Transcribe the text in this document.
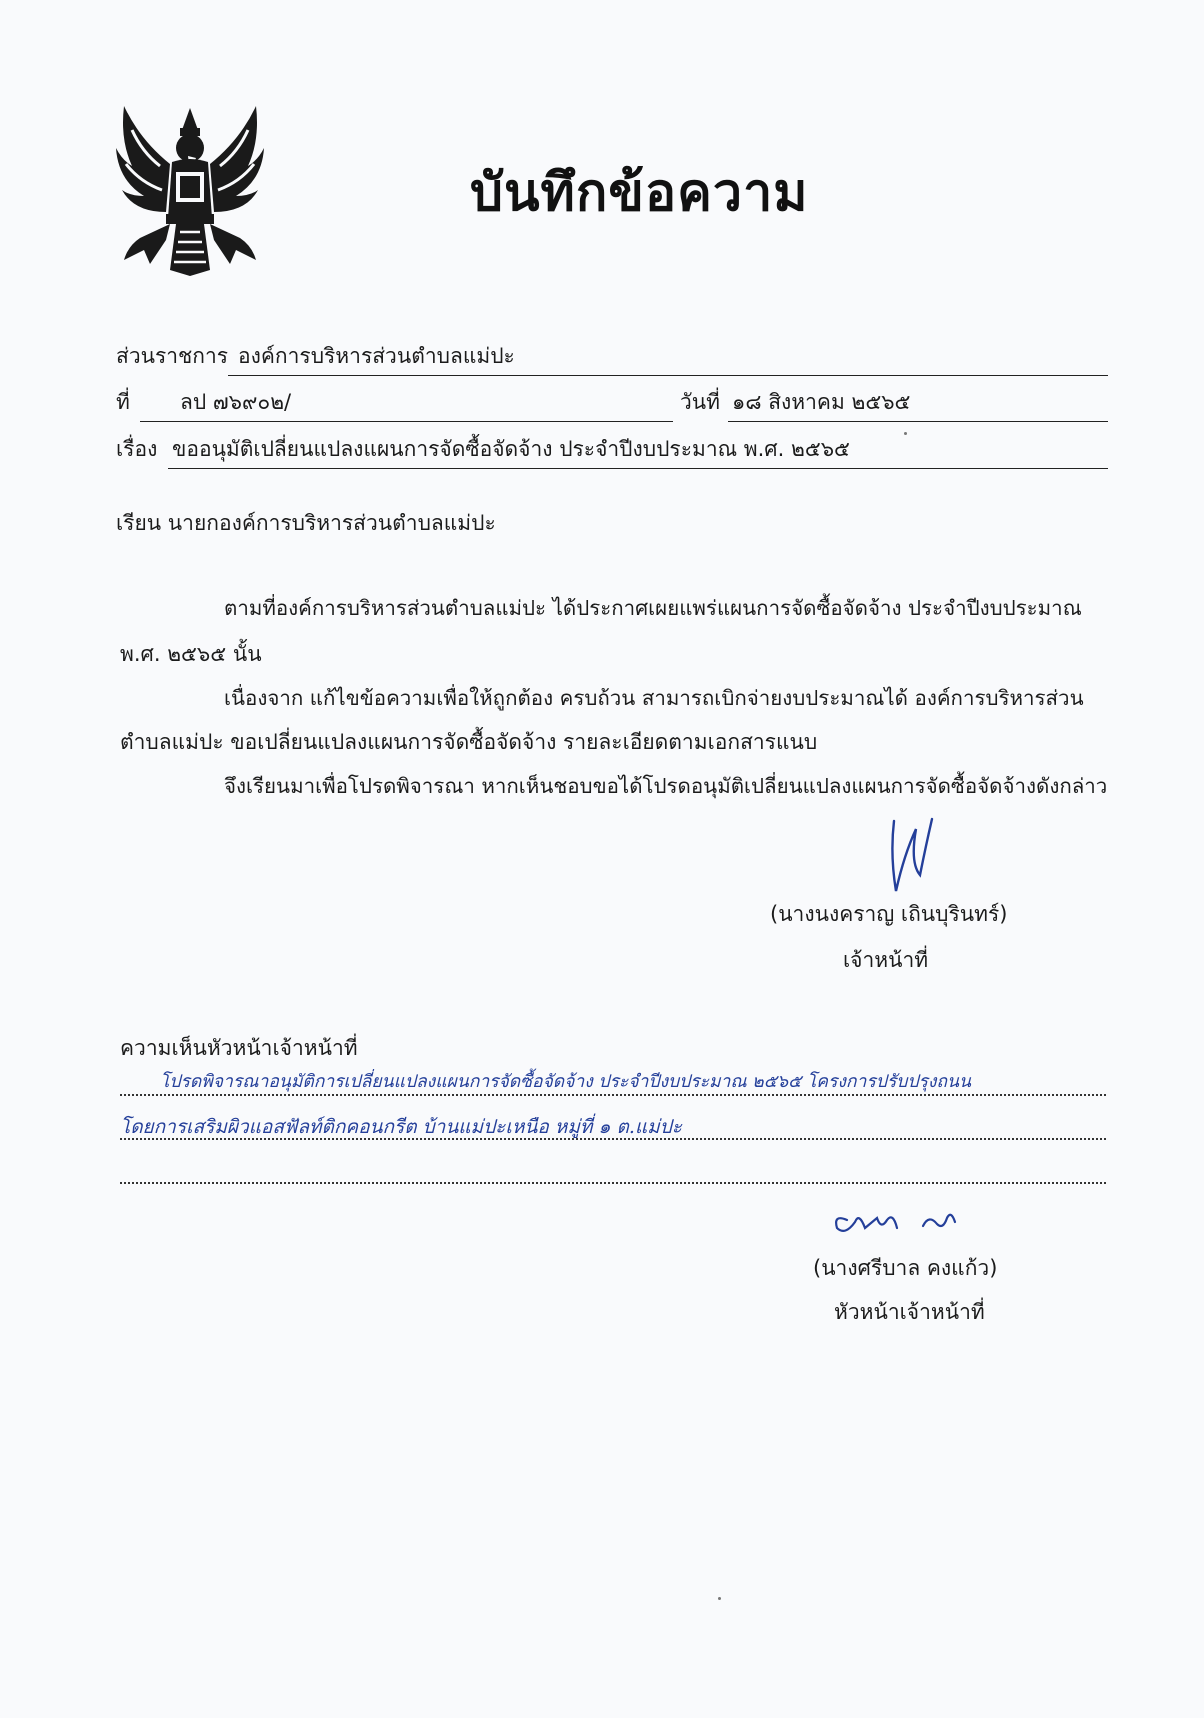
บันทึกข้อความ
ส่วนราชการ องค์การบริหารส่วนตำบลแม่ปะ
ที่ ลป ๗๖๙๐๒/	วันที่ ๑๘ สิงหาคม ๒๕๖๕
เรื่อง ขออนุมัติเปลี่ยนแปลงแผนการจัดซื้อจัดจ้าง ประจำปีงบประมาณ พ.ศ. ๒๕๖๕
เรียน นายกองค์การบริหารส่วนตำบลแม่ปะ
ตามที่องค์การบริหารส่วนตำบลแม่ปะ ได้ประกาศเผยแพร่แผนการจัดซื้อจัดจ้าง ประจำปีงบประมาณ
พ.ศ. ๒๕๖๕ นั้น
เนื่องจาก แก้ไขข้อความเพื่อให้ถูกต้อง ครบถ้วน สามารถเบิกจ่ายงบประมาณได้ องค์การบริหารส่วน
ตำบลแม่ปะ ขอเปลี่ยนแปลงแผนการจัดซื้อจัดจ้าง รายละเอียดตามเอกสารแนบ
จึงเรียนมาเพื่อโปรดพิจารณา หากเห็นชอบขอได้โปรดอนุมัติเปลี่ยนแปลงแผนการจัดซื้อจัดจ้างดังกล่าว
(นางนงคราญ เถินบุรินทร์)
เจ้าหน้าที่
ความเห็นหัวหน้าเจ้าหน้าที่
โปรดพิจารณาอนุมัติการเปลี่ยนแปลงแผนการจัดซื้อจัดจ้าง ประจำปีงบประมาณ ๒๕๖๕ โครงการปรับปรุงถนน
โดยการเสริมผิวแอสฟัลท์ติกคอนกรีต บ้านแม่ปะเหนือ หมู่ที่ ๑ ต.แม่ปะ
(นางศรีบาล คงแก้ว)
หัวหน้าเจ้าหน้าที่
